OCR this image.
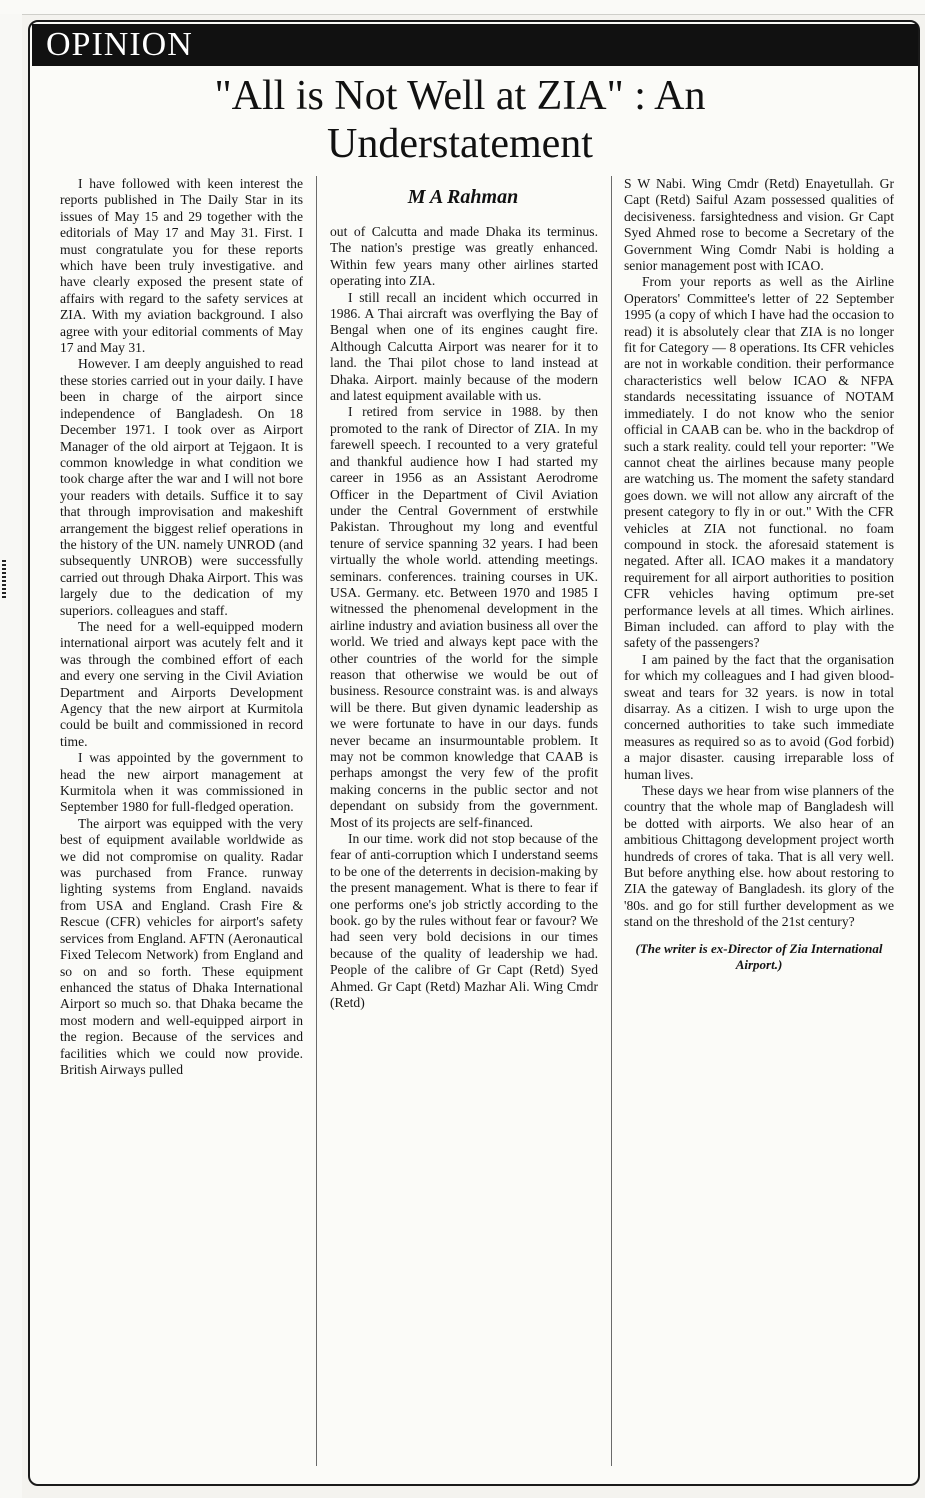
OPINION
"All is Not Well at ZIA" : An Understatement
M A Rahman

I have followed with keen interest the reports published in The Daily Star in its issues of May 15 and 29 together with the editorials of May 17 and May 31. First. I must congratulate you for these reports which have been truly investigative. and have clearly exposed the present state of affairs with regard to the safety services at ZIA. With my aviation background. I also agree with your editorial comments of May 17 and May 31.

However. I am deeply anguished to read these stories carried out in your daily. I have been in charge of the airport since independence of Bangladesh. On 18 December 1971. I took over as Airport Manager of the old airport at Tejgaon. It is common knowledge in what condition we took charge after the war and I will not bore your readers with details. Suffice it to say that through improvisation and makeshift arrangement the biggest relief operations in the history of the UN. namely UNROD (and subsequently UNROB) were successfully carried out through Dhaka Airport. This was largely due to the dedication of my superiors. colleagues and staff.

The need for a well-equipped modern international airport was acutely felt and it was through the combined effort of each and every one serving in the Civil Aviation Department and Airports Development Agency that the new airport at Kurmitola could be built and commissioned in record time.

I was appointed by the government to head the new airport management at Kurmitola when it was commissioned in September 1980 for full-fledged operation.

The airport was equipped with the very best of equipment available worldwide as we did not compromise on quality. Radar was purchased from France. runway lighting systems from England. navaids from USA and England. Crash Fire & Rescue (CFR) vehicles for airport's safety services from England. AFTN (Aeronautical Fixed Telecom Network) from England and so on and so forth. These equipment enhanced the status of Dhaka International Airport so much so. that Dhaka became the most modern and well-equipped airport in the region. Because of the services and facilities which we could now provide. British Airways pulled

out of Calcutta and made Dhaka its terminus. The nation's prestige was greatly enhanced. Within few years many other airlines started operating into ZIA.

I still recall an incident which occurred in 1986. A Thai aircraft was overflying the Bay of Bengal when one of its engines caught fire. Although Calcutta Airport was nearer for it to land. the Thai pilot chose to land instead at Dhaka. Airport. mainly because of the modern and latest equipment available with us.

I retired from service in 1988. by then promoted to the rank of Director of ZIA. In my farewell speech. I recounted to a very grateful and thankful audience how I had started my career in 1956 as an Assistant Aerodrome Officer in the Department of Civil Aviation under the Central Government of erstwhile Pakistan. Throughout my long and eventful tenure of service spanning 32 years. I had been virtually the whole world. attending meetings. seminars. conferences. training courses in UK. USA. Germany. etc. Between 1970 and 1985 I witnessed the phenomenal development in the airline industry and aviation business all over the world. We tried and always kept pace with the other countries of the world for the simple reason that otherwise we would be out of business. Resource constraint was. is and always will be there. But given dynamic leadership as we were fortunate to have in our days. funds never became an insurmountable problem. It may not be common knowledge that CAAB is perhaps amongst the very few of the profit making concerns in the public sector and not dependant on subsidy from the government. Most of its projects are self-financed.

In our time. work did not stop because of the fear of anti-corruption which I understand seems to be one of the deterrents in decision-making by the present management. What is there to fear if one performs one's job strictly according to the book. go by the rules without fear or favour? We had seen very bold decisions in our times because of the quality of leadership we had. People of the calibre of Gr Capt (Retd) Syed Ahmed. Gr Capt (Retd) Mazhar Ali. Wing Cmdr (Retd)

S W Nabi. Wing Cmdr (Retd) Enayetullah. Gr Capt (Retd) Saiful Azam possessed qualities of decisiveness. farsightedness and vision. Gr Capt Syed Ahmed rose to become a Secretary of the Government Wing Comdr Nabi is holding a senior management post with ICAO.

From your reports as well as the Airline Operators' Committee's letter of 22 September 1995 (a copy of which I have had the occasion to read) it is absolutely clear that ZIA is no longer fit for Category — 8 operations. Its CFR vehicles are not in workable condition. their performance characteristics well below ICAO & NFPA standards necessitating issuance of NOTAM immediately. I do not know who the senior official in CAAB can be. who in the backdrop of such a stark reality. could tell your reporter: "We cannot cheat the airlines because many people are watching us. The moment the safety standard goes down. we will not allow any aircraft of the present category to fly in or out." With the CFR vehicles at ZIA not functional. no foam compound in stock. the aforesaid statement is negated. After all. ICAO makes it a mandatory requirement for all airport authorities to position CFR vehicles having optimum pre-set performance levels at all times. Which airlines. Biman included. can afford to play with the safety of the passengers?

I am pained by the fact that the organisation for which my colleagues and I had given blood-sweat and tears for 32 years. is now in total disarray. As a citizen. I wish to urge upon the concerned authorities to take such immediate measures as required so as to avoid (God forbid) a major disaster. causing irreparable loss of human lives.

These days we hear from wise planners of the country that the whole map of Bangladesh will be dotted with airports. We also hear of an ambitious Chittagong development project worth hundreds of crores of taka. That is all very well. But before anything else. how about restoring to ZIA the gateway of Bangladesh. its glory of the '80s. and go for still further development as we stand on the threshold of the 21st century?

(The writer is ex-Director of Zia International Airport.)
